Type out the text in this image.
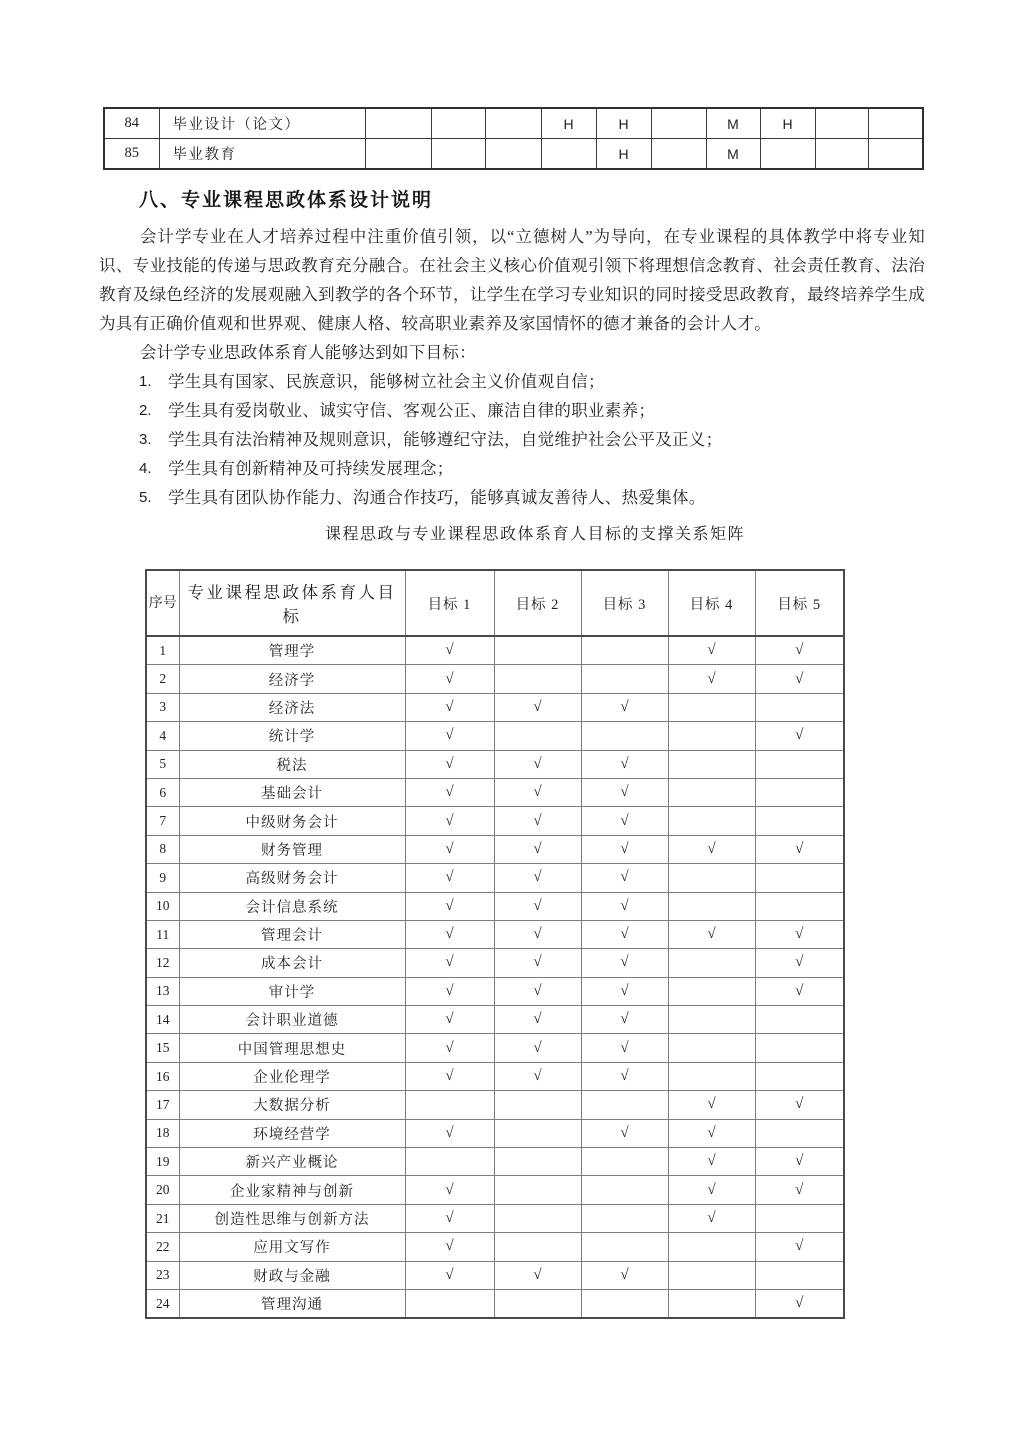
84	毕业设计（论文）				H	H		M	H		
85	毕业教育					H		M			
八、专业课程思政体系设计说明

会计学专业在人才培养过程中注重价值引领，以“立德树人”为导向，在专业课程的具体教学中将专业知识、专业技能的传递与思政教育充分融合。在社会主义核心价值观引领下将理想信念教育、社会责任教育、法治教育及绿色经济的发展观融入到教学的各个环节，让学生在学习专业知识的同时接受思政教育，最终培养学生成为具有正确价值观和世界观、健康人格、较高职业素养及家国情怀的德才兼备的会计人才。

会计学专业思政体系育人能够达到如下目标：

1. 学生具有国家、民族意识，能够树立社会主义价值观自信；
2. 学生具有爱岗敬业、诚实守信、客观公正、廉洁自律的职业素养；
3. 学生具有法治精神及规则意识，能够遵纪守法，自觉维护社会公平及正义；
4. 学生具有创新精神及可持续发展理念；
5. 学生具有团队协作能力、沟通合作技巧，能够真诚友善待人、热爱集体。
课程思政与专业课程思政体系育人目标的支撑关系矩阵
序号	专业课程思政体系育人目标	目标 1	目标 2	目标 3	目标 4	目标 5
1	管理学	√			√	√
2	经济学	√			√	√
3	经济法	√	√	√		
4	统计学	√				√
5	税法	√	√	√		
6	基础会计	√	√	√		
7	中级财务会计	√	√	√		
8	财务管理	√	√	√	√	√
9	高级财务会计	√	√	√		
10	会计信息系统	√	√	√		
11	管理会计	√	√	√	√	√
12	成本会计	√	√	√		√
13	审计学	√	√	√		√
14	会计职业道德	√	√	√		
15	中国管理思想史	√	√	√		
16	企业伦理学	√	√	√		
17	大数据分析				√	√
18	环境经营学	√		√	√	
19	新兴产业概论				√	√
20	企业家精神与创新	√			√	√
21	创造性思维与创新方法	√			√	
22	应用文写作	√				√
23	财政与金融	√	√	√		
24	管理沟通					√
